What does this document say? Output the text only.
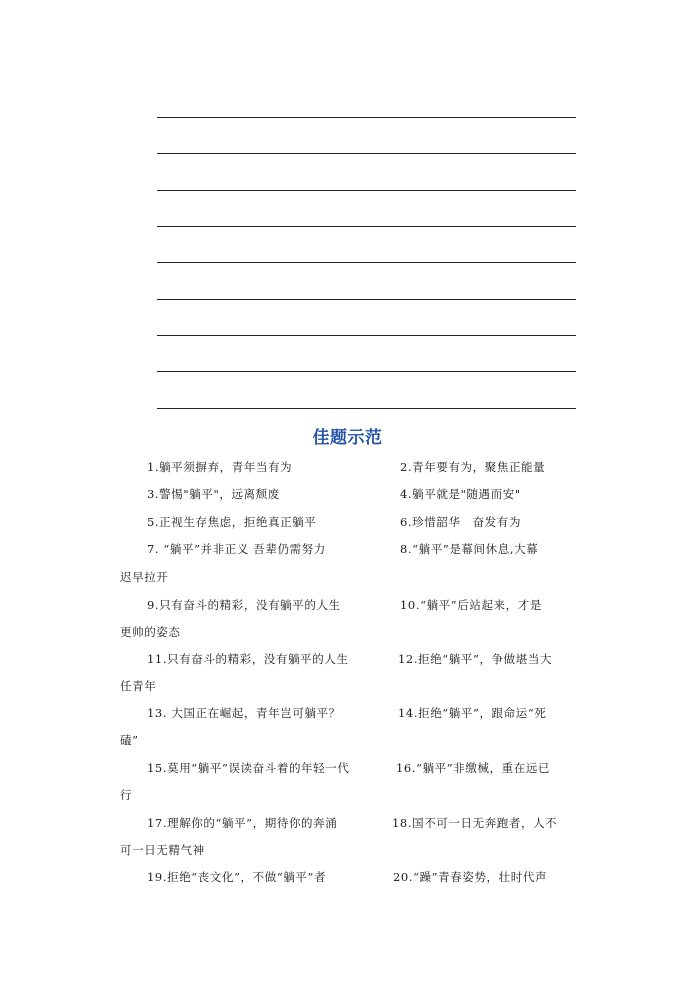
佳题示范
1.躺平须摒弃，青年当有为	2.青年要有为，聚焦正能量
3.警惕"躺平"，远离颓废	4.躺平就是"随遇而安"
5.正视生存焦虑，拒绝真正躺平	6.珍惜韶华　奋发有为
7. “躺平”并非正义 吾辈仍需努力	8.“躺平”是幕间休息,大幕
迟早拉开
9.只有奋斗的精彩，没有躺平的人生	10.“躺平”后站起来，才是
更帅的姿态
11.只有奋斗的精彩，没有躺平的人生	12.拒绝“躺平”，争做堪当大
任青年
13. 大国正在崛起，青年岂可躺平？	14.拒绝“躺平”，跟命运“死
磕”
15.莫用“躺平”误读奋斗着的年轻一代	16.“躺平”非缴械，重在远已
行
17.理解你的“躺平”，期待你的奔涌	18.国不可一日无奔跑者，人不
可一日无精气神
19.拒绝“丧文化”，不做“躺平”者	20.“躁”青春姿势，壮时代声
